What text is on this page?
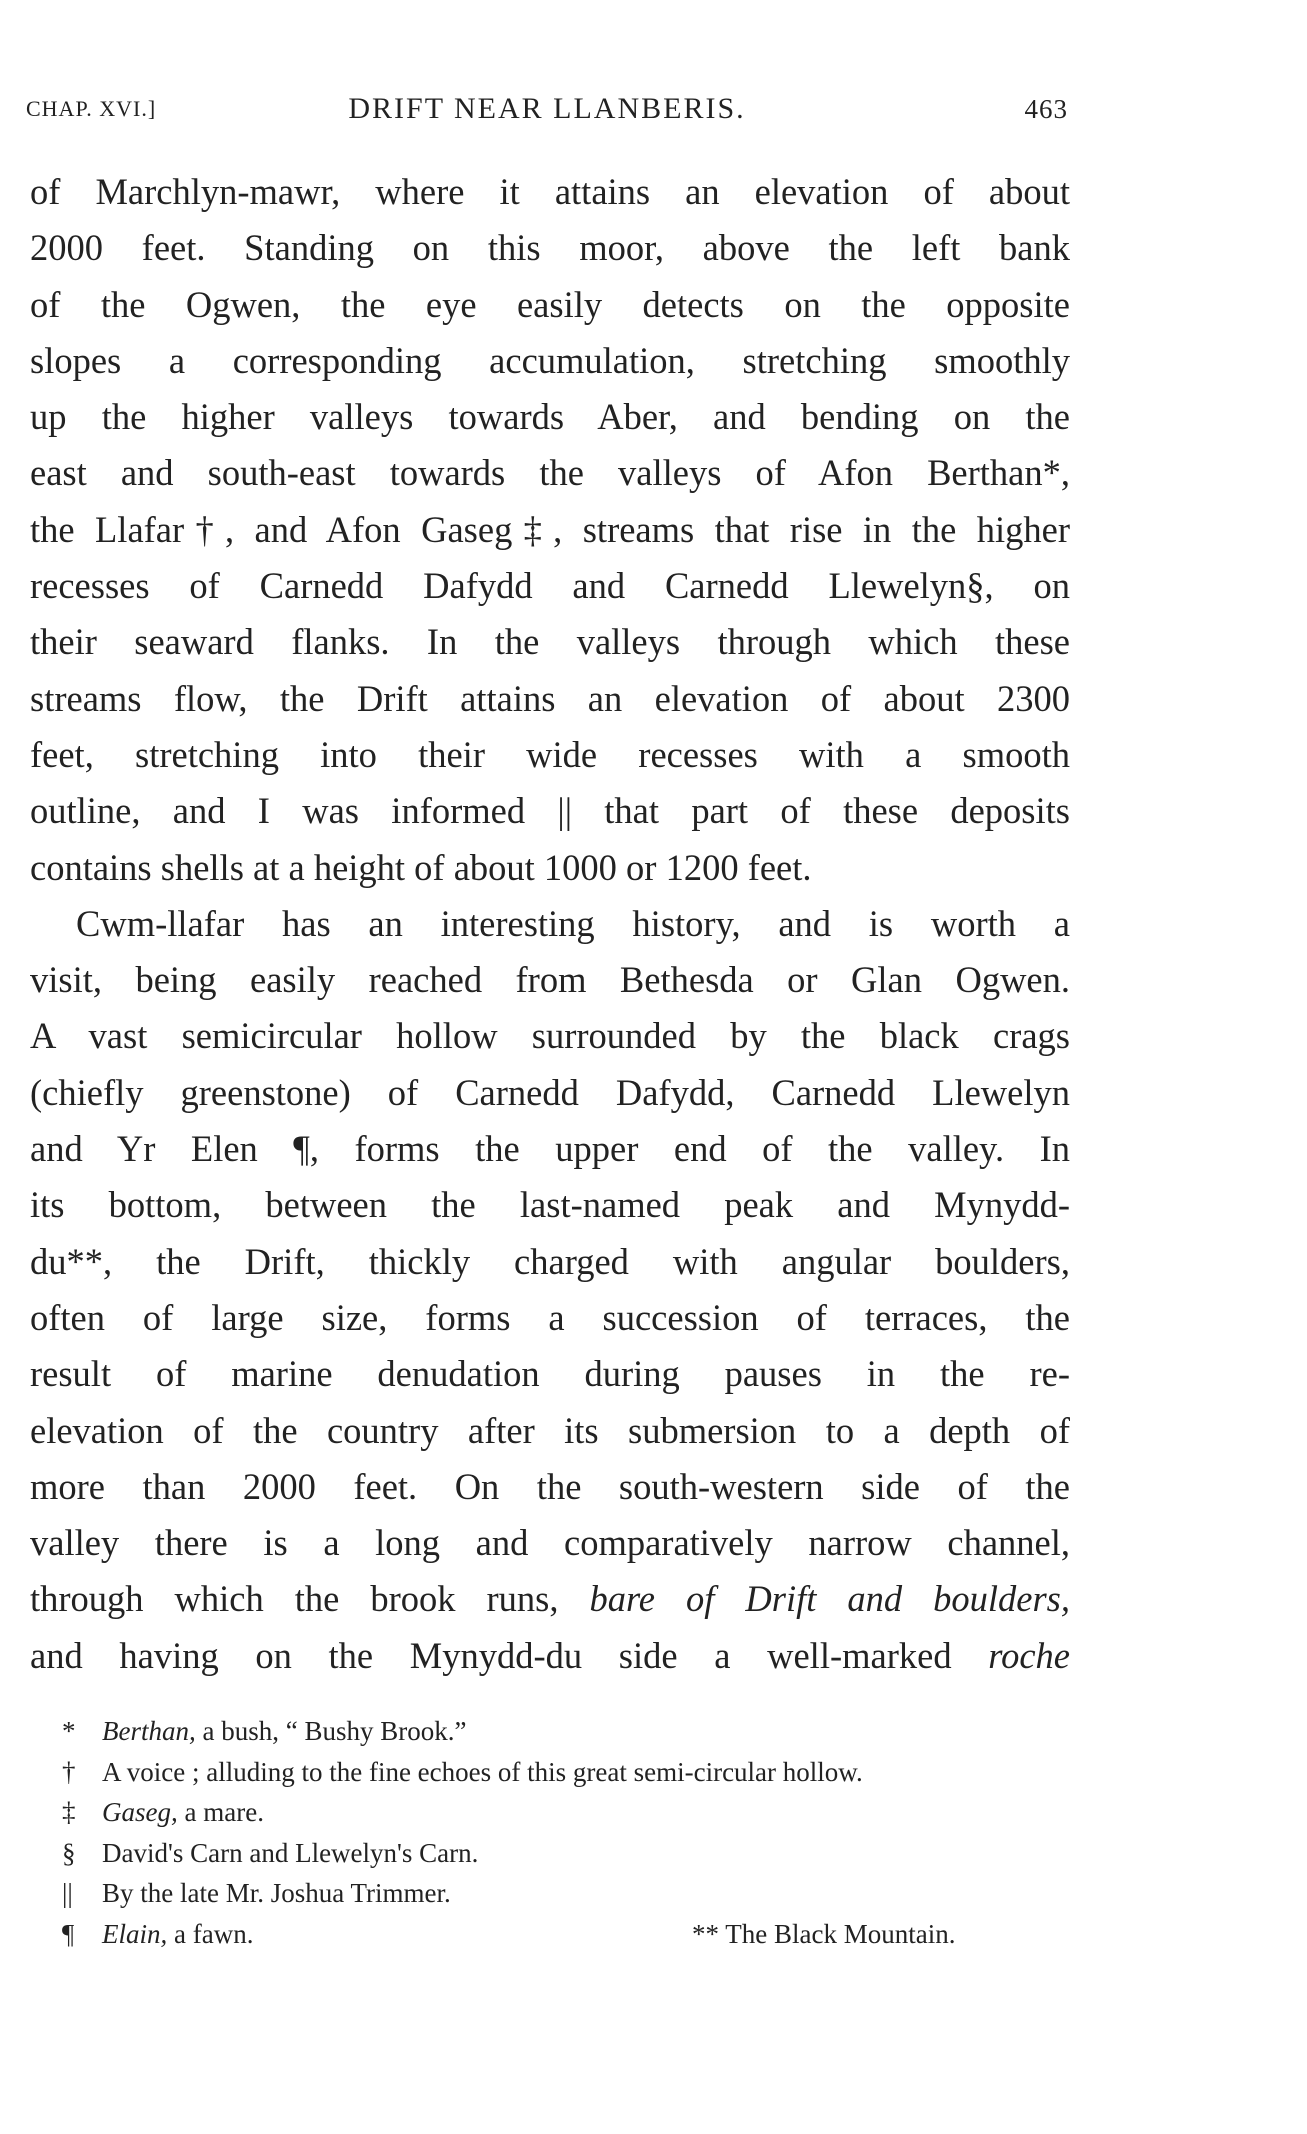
CHAP. XVI.]	DRIFT NEAR LLANBERIS.	463
of Marchlyn-mawr, where it attains an elevation of about
2000 feet. Standing on this moor, above the left bank
of the Ogwen, the eye easily detects on the opposite
slopes a corresponding accumulation, stretching smoothly
up the higher valleys towards Aber, and bending on the
east and south-east towards the valleys of Afon Berthan*,
the Llafar†, and Afon Gaseg‡, streams that rise in the higher
recesses of Carnedd Dafydd and Carnedd Llewelyn§, on
their seaward flanks. In the valleys through which these
streams flow, the Drift attains an elevation of about 2300
feet, stretching into their wide recesses with a smooth
outline, and I was informed || that part of these deposits
contains shells at a height of about 1000 or 1200 feet.
Cwm-llafar has an interesting history, and is worth a
visit, being easily reached from Bethesda or Glan Ogwen.
A vast semicircular hollow surrounded by the black crags
(chiefly greenstone) of Carnedd Dafydd, Carnedd Llewelyn
and Yr Elen ¶, forms the upper end of the valley. In
its bottom, between the last-named peak and Mynydd-
du**, the Drift, thickly charged with angular boulders,
often of large size, forms a succession of terraces, the
result of marine denudation during pauses in the re-
elevation of the country after its submersion to a depth of
more than 2000 feet. On the south-western side of the
valley there is a long and comparatively narrow channel,
through which the brook runs, bare of Drift and boulders,
and having on the Mynydd-du side a well-marked roche
* Berthan, a bush, “ Bushy Brook.”
† A voice ; alluding to the fine echoes of this great semi-circular hollow.
‡ Gaseg, a mare.
§ David's Carn and Llewelyn's Carn.
|| By the late Mr. Joshua Trimmer.
¶ Elain, a fawn.	** The Black Mountain.
